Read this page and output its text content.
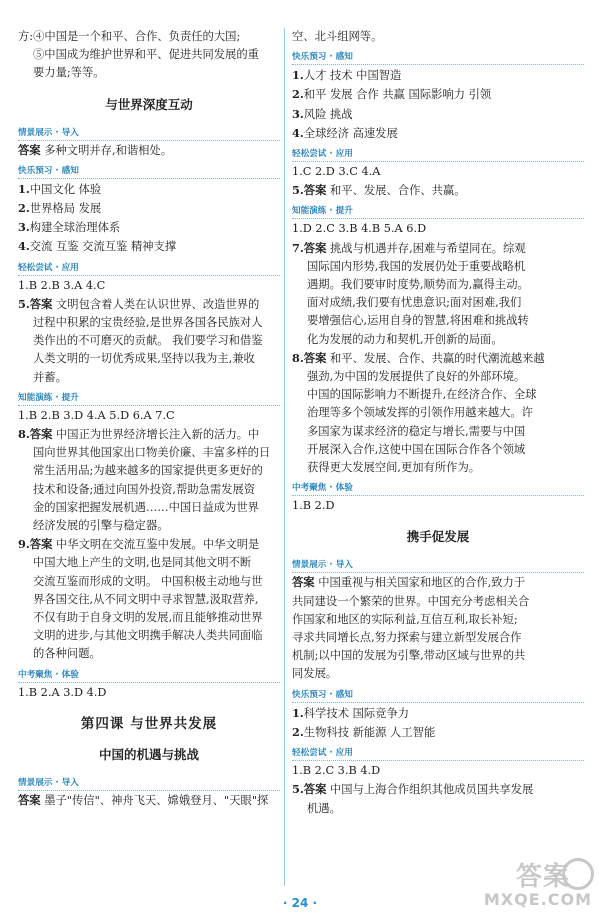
方:④中国是一个和平、合作、负责任的大国;
⑤中国成为维护世界和平、促进共同发展的重
要力量;等等。
与世界深度互动
情景展示 · 导入
答案 多种文明并存,和谐相处。
快乐预习 · 感知
1.中国文化 体验
2.世界格局 发展
3.构建全球治理体系
4.交流 互鉴 交流互鉴 精神支撑
轻松尝试 · 应用
1.B 2.B 3.A 4.C
5.答案 文明包含着人类在认识世界、改造世界的
过程中积累的宝贵经验,是世界各国各民族对人
类作出的不可磨灭的贡献。 我们要学习和借鉴
人类文明的一切优秀成果,坚持以我为主,兼收
并蓄。
知能演练 · 提升
1.B 2.B 3.D 4.A 5.D 6.A 7.C
8.答案 中国正为世界经济增长注入新的活力。中
国向世界其他国家出口物美价廉、丰富多样的日
常生活用品;为越来越多的国家提供更多更好的
技术和设备;通过向国外投资,帮助急需发展资
金的国家把握发展机遇……中国日益成为世界
经济发展的引擎与稳定器。
9.答案 中华文明在交流互鉴中发展。中华文明是
中国大地上产生的文明,也是同其他文明不断
交流互鉴而形成的文明。 中国积极主动地与世
界各国交往,从不同文明中寻求智慧,汲取营养,
不仅有助于自身文明的发展,而且能够推动世界
文明的进步,与其他文明携手解决人类共同面临
的各种问题。
中考聚焦 · 体验
1.B 2.A 3.D 4.D
第四课 与世界共发展
中国的机遇与挑战
情景展示 · 导入
答案 墨子"传信"、神舟飞天、嫦娥登月、"天眼"探
空、北斗组网等。
快乐预习 · 感知
1.人才 技术 中国智造
2.和平 发展 合作 共赢 国际影响力 引领
3.风险 挑战
4.全球经济 高速发展
轻松尝试 · 应用
1.C 2.D 3.C 4.A
5.答案 和平、发展、合作、共赢。
知能演练 · 提升
1.D 2.C 3.B 4.B 5.A 6.D
7.答案 挑战与机遇并存,困难与希望同在。综观
国际国内形势,我国的发展仍处于重要战略机
遇期。我们要审时度势,顺势而为,赢得主动。
面对成绩,我们要有忧患意识;面对困难,我们
要增强信心,运用自身的智慧,将困难和挑战转
化为发展的动力和契机,开创新的局面。
8.答案 和平、发展、合作、共赢的时代潮流越来越
强劲,为中国的发展提供了良好的外部环境。
中国的国际影响力不断提升,在经济合作、全球
治理等多个领域发挥的引领作用越来越大。许
多国家为谋求经济的稳定与增长,需要与中国
开展深入合作,这使中国在国际合作各个领域
获得更大发展空间,更加有所作为。
中考聚焦 · 体验
1.B 2.D
携手促发展
情景展示 · 导入
答案 中国重视与相关国家和地区的合作,致力于
共同建设一个繁荣的世界。中国充分考虑相关合
作国家和地区的实际利益,互信互利,取长补短;
寻求共同增长点,努力探索与建立新型发展合作
机制;以中国的发展为引擎,带动区域与世界的共
同发展。
快乐预习 · 感知
1.科学技术 国际竞争力
2.生物科技 新能源 人工智能
轻松尝试 · 应用
1.B 2.C 3.B 4.D
5.答案 中国与上海合作组织其他成员国共享发展
机遇。
· 24 ·
答案
MXQE.COM
